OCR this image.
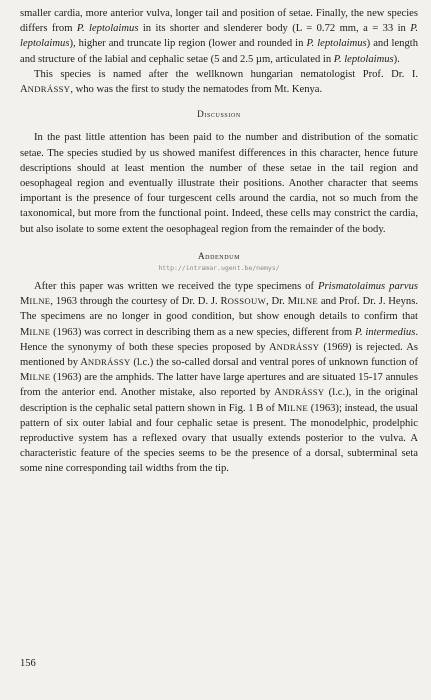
smaller cardia, more anterior vulva, longer tail and position of setae. Finally, the new species differs from P. leptolaimus in its shorter and slenderer body (L = 0.72 mm, a = 33 in P. leptolaimus), higher and truncate lip region (lower and rounded in P. leptolaimus) and length and structure of the labial and cephalic setae (5 and 2.5 µm, articulated in P. leptolaimus).

This species is named after the wellknown hungarian nematologist Prof. Dr. I. ANDRÁSSY, who was the first to study the nematodes from Mt. Kenya.

Discussion

In the past little attention has been paid to the number and distribution of the somatic setae. The species studied by us showed manifest differences in this character, hence future descriptions should at least mention the number of these setae in the tail region and oesophageal region and eventually illustrate their positions. Another character that seems important is the presence of four turgescent cells around the cardia, not so much from the taxonomical, but more from the functional point. Indeed, these cells may constrict the cardia, but also isolate to some extent the oesophageal region from the remainder of the body.

Addendum
http://intramar.ugent.be/nemys/

After this paper was written we received the type specimens of Prismatolaimus parvus MILNE, 1963 through the courtesy of Dr. D. J. ROSSOUW, Dr. MILNE and Prof. Dr. J. Heyns. The specimens are no longer in good condition, but show enough details to confirm that MILNE (1963) was correct in describing them as a new species, different from P. intermedius. Hence the synonymy of both these species proposed by ANDRÁSSY (1969) is rejected. As mentioned by ANDRÁSSY (l.c.) the so-called dorsal and ventral pores of unknown function of MILNE (1963) are the amphids. The latter have large apertures and are situated 15-17 annules from the anterior end. Another mistake, also reported by ANDRÁSSY (l.c.), in the original description is the cephalic setal pattern shown in Fig. 1 B of MILNE (1963); instead, the usual pattern of six outer labial and four cephalic setae is present. The monodelphic, prodelphic reproductive system has a reflexed ovary that usually extends posterior to the vulva. A characteristic feature of the species seems to be the presence of a dorsal, subterminal seta some nine corresponding tail widths from the tip.

156
